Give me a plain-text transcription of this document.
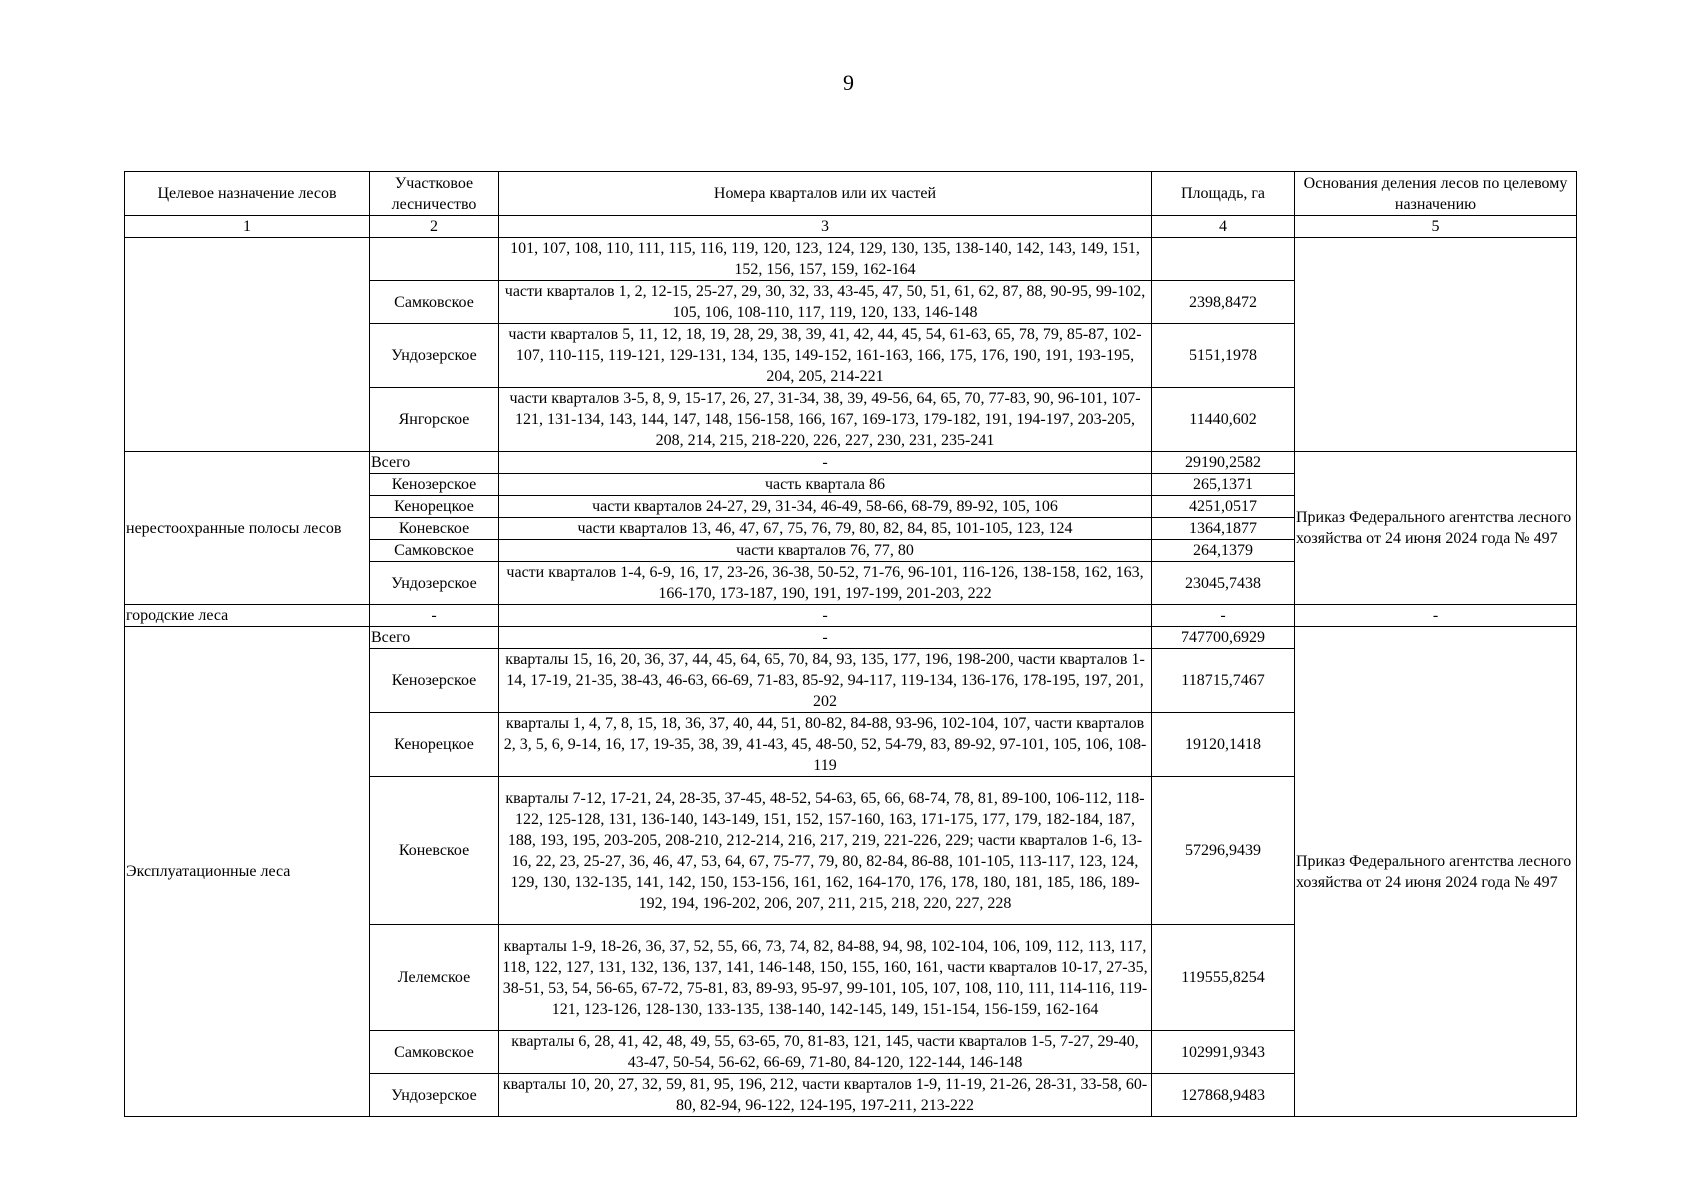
9
Целевое назначение лесов	Участковое лесничество	Номера кварталов или их частей	Площадь, га	Основания деления лесов по целевому назначению
1	2	3	4	5
		101, 107, 108, 110, 111, 115, 116, 119, 120, 123, 124, 129, 130, 135, 138-140, 142, 143, 149, 151, 152, 156, 157, 159, 162-164		
	Самковское	части кварталов 1, 2, 12-15, 25-27, 29, 30, 32, 33, 43-45, 47, 50, 51, 61, 62, 87, 88, 90-95, 99-102, 105, 106, 108-110, 117, 119, 120, 133, 146-148	2398,8472	
	Ундозерское	части кварталов 5, 11, 12, 18, 19, 28, 29, 38, 39, 41, 42, 44, 45, 54, 61-63, 65, 78, 79, 85-87, 102-107, 110-115, 119-121, 129-131, 134, 135, 149-152, 161-163, 166, 175, 176, 190, 191, 193-195, 204, 205, 214-221	5151,1978	
	Янгорское	части кварталов 3-5, 8, 9, 15-17, 26, 27, 31-34, 38, 39, 49-56, 64, 65, 70, 77-83, 90, 96-101, 107-121, 131-134, 143, 144, 147, 148, 156-158, 166, 167, 169-173, 179-182, 191, 194-197, 203-205, 208, 214, 215, 218-220, 226, 227, 230, 231, 235-241	11440,602	
нерестоохранные полосы лесов	Всего	-	29190,2582	Приказ Федерального агентства лесного хозяйства от 24 июня 2024 года № 497
	Кенозерское	часть квартала 86	265,1371	
	Кенорецкое	части кварталов 24-27, 29, 31-34, 46-49, 58-66, 68-79, 89-92, 105, 106	4251,0517	
	Коневское	части кварталов 13, 46, 47, 67, 75, 76, 79, 80, 82, 84, 85, 101-105, 123, 124	1364,1877	
	Самковское	части кварталов 76, 77, 80	264,1379	
	Ундозерское	части кварталов 1-4, 6-9, 16, 17, 23-26, 36-38, 50-52, 71-76, 96-101, 116-126, 138-158, 162, 163, 166-170, 173-187, 190, 191, 197-199, 201-203, 222	23045,7438	
городские леса	-	-	-	-
Эксплуатационные леса	Всего	-	747700,6929	Приказ Федерального агентства лесного хозяйства от 24 июня 2024 года № 497
	Кенозерское	кварталы 15, 16, 20, 36, 37, 44, 45, 64, 65, 70, 84, 93, 135, 177, 196, 198-200, части кварталов 1-14, 17-19, 21-35, 38-43, 46-63, 66-69, 71-83, 85-92, 94-117, 119-134, 136-176, 178-195, 197, 201, 202	118715,7467	
	Кенорецкое	кварталы 1, 4, 7, 8, 15, 18, 36, 37, 40, 44, 51, 80-82, 84-88, 93-96, 102-104, 107, части кварталов 2, 3, 5, 6, 9-14, 16, 17, 19-35, 38, 39, 41-43, 45, 48-50, 52, 54-79, 83, 89-92, 97-101, 105, 106, 108-119	19120,1418	
	Коневское	кварталы 7-12, 17-21, 24, 28-35, 37-45, 48-52, 54-63, 65, 66, 68-74, 78, 81, 89-100, 106-112, 118-122, 125-128, 131, 136-140, 143-149, 151, 152, 157-160, 163, 171-175, 177, 179, 182-184, 187, 188, 193, 195, 203-205, 208-210, 212-214, 216, 217, 219, 221-226, 229; части кварталов 1-6, 13-16, 22, 23, 25-27, 36, 46, 47, 53, 64, 67, 75-77, 79, 80, 82-84, 86-88, 101-105, 113-117, 123, 124, 129, 130, 132-135, 141, 142, 150, 153-156, 161, 162, 164-170, 176, 178, 180, 181, 185, 186, 189-192, 194, 196-202, 206, 207, 211, 215, 218, 220, 227, 228	57296,9439	
	Лелемское	кварталы 1-9, 18-26, 36, 37, 52, 55, 66, 73, 74, 82, 84-88, 94, 98, 102-104, 106, 109, 112, 113, 117, 118, 122, 127, 131, 132, 136, 137, 141, 146-148, 150, 155, 160, 161, части кварталов 10-17, 27-35, 38-51, 53, 54, 56-65, 67-72, 75-81, 83, 89-93, 95-97, 99-101, 105, 107, 108, 110, 111, 114-116, 119-121, 123-126, 128-130, 133-135, 138-140, 142-145, 149, 151-154, 156-159, 162-164	119555,8254	
	Самковское	кварталы 6, 28, 41, 42, 48, 49, 55, 63-65, 70, 81-83, 121, 145, части кварталов 1-5, 7-27, 29-40, 43-47, 50-54, 56-62, 66-69, 71-80, 84-120, 122-144, 146-148	102991,9343	
	Ундозерское	кварталы 10, 20, 27, 32, 59, 81, 95, 196, 212, части кварталов 1-9, 11-19, 21-26, 28-31, 33-58, 60-80, 82-94, 96-122, 124-195, 197-211, 213-222	127868,9483	
